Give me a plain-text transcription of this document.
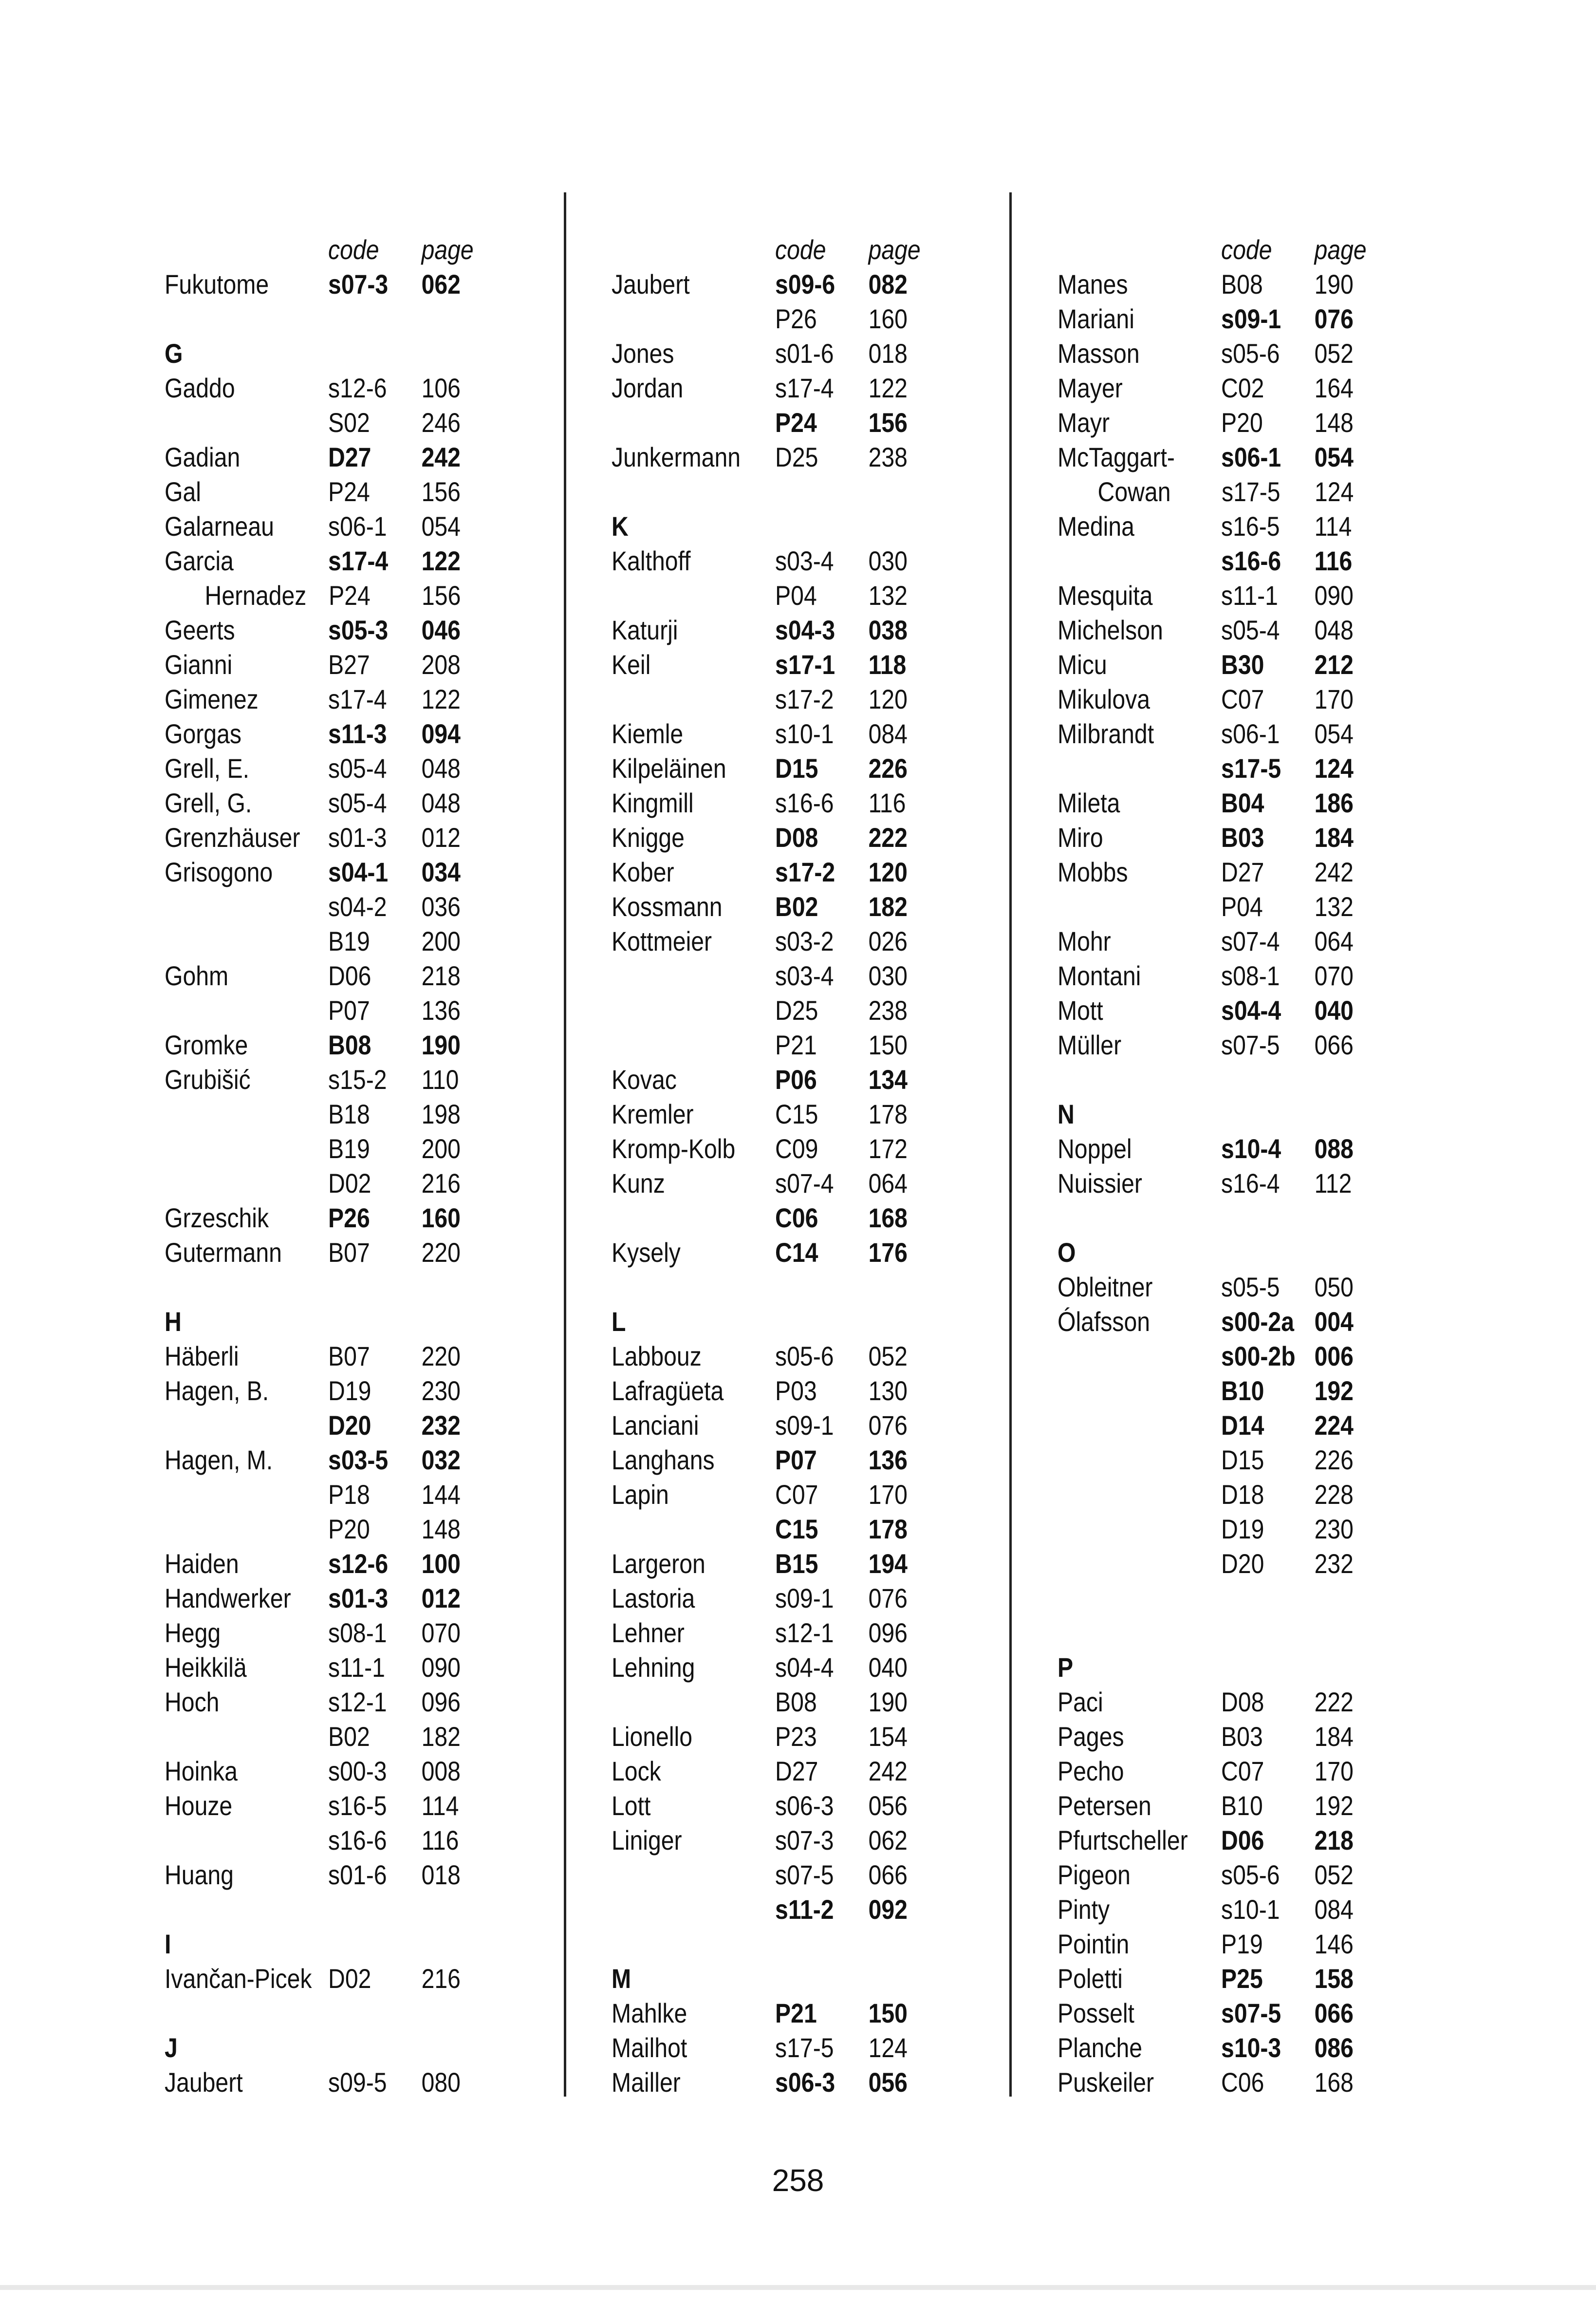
code	page
Fukutome	s07-3	062
G
Gaddo	s12-6	106
S02	246
Gadian	D27	242
Gal	P24	156
Galarneau	s06-1	054
Garcia	s17-4	122
Hernadez P24	156
Geerts	s05-3	046
Gianni	B27	208
Gimenez	s17-4	122
Gorgas	s11-3	094
Grell, E.	s05-4	048
Grell, G.	s05-4	048
Grenzhäuser	s01-3	012
Grisogono	s04-1	034
s04-2	036
B19	200
Gohm	D06	218
P07	136
Gromke	B08	190
Grubišić	s15-2	110
B18	198
B19	200
D02	216
Grzeschik	P26	160
Gutermann	B07	220
H
Häberli	B07	220
Hagen, B.	D19	230
D20	232
Hagen, M.	s03-5	032
P18	144
P20	148
Haiden	s12-6	100
Handwerker	s01-3	012
Hegg	s08-1	070
Heikkilä	s11-1	090
Hoch	s12-1	096
B02	182
Hoinka	s00-3	008
Houze	s16-5	114
s16-6	116
Huang	s01-6	018
I
Ivančan-Picek D02	216
J
Jaubert	s09-5	080
code	page
Jaubert	s09-6	082
P26	160
Jones	s01-6	018
Jordan	s17-4	122
P24	156
Junkermann	D25	238
K
Kalthoff	s03-4	030
P04	132
Katurji	s04-3	038
Keil	s17-1	118
s17-2	120
Kiemle	s10-1	084
Kilpeläinen	D15	226
Kingmill	s16-6	116
Knigge	D08	222
Kober	s17-2	120
Kossmann	B02	182
Kottmeier	s03-2	026
s03-4	030
D25	238
P21	150
Kovac	P06	134
Kremler	C15	178
Kromp-Kolb	C09	172
Kunz	s07-4	064
C06	168
Kysely	C14	176
L
Labbouz	s05-6	052
Lafragüeta	P03	130
Lanciani	s09-1	076
Langhans	P07	136
Lapin	C07	170
C15	178
Largeron	B15	194
Lastoria	s09-1	076
Lehner	s12-1	096
Lehning	s04-4	040
B08	190
Lionello	P23	154
Lock	D27	242
Lott	s06-3	056
Liniger	s07-3	062
s07-5	066
s11-2	092
M
Mahlke	P21	150
Mailhot	s17-5	124
Mailler	s06-3	056
code	page
Manes	B08	190
Mariani	s09-1	076
Masson	s05-6	052
Mayer	C02	164
Mayr	P20	148
McTaggart-	s06-1	054
Cowan	s17-5	124
Medina	s16-5	114
s16-6	116
Mesquita	s11-1	090
Michelson	s05-4	048
Micu	B30	212
Mikulova	C07	170
Milbrandt	s06-1	054
s17-5	124
Mileta	B04	186
Miro	B03	184
Mobbs	D27	242
P04	132
Mohr	s07-4	064
Montani	s08-1	070
Mott	s04-4	040
Müller	s07-5	066
N
Noppel	s10-4	088
Nuissier	s16-4	112
O
Obleitner	s05-5	050
Ólafsson	s00-2a 004
s00-2b 006
B10	192
D14	224
D15	226
D18	228
D19	230
D20	232
P
Paci	D08	222
Pages	B03	184
Pecho	C07	170
Petersen	B10	192
Pfurtscheller	D06	218
Pigeon	s05-6	052
Pinty	s10-1	084
Pointin	P19	146
Poletti	P25	158
Posselt	s07-5	066
Planche	s10-3	086
Puskeiler	C06	168
258
